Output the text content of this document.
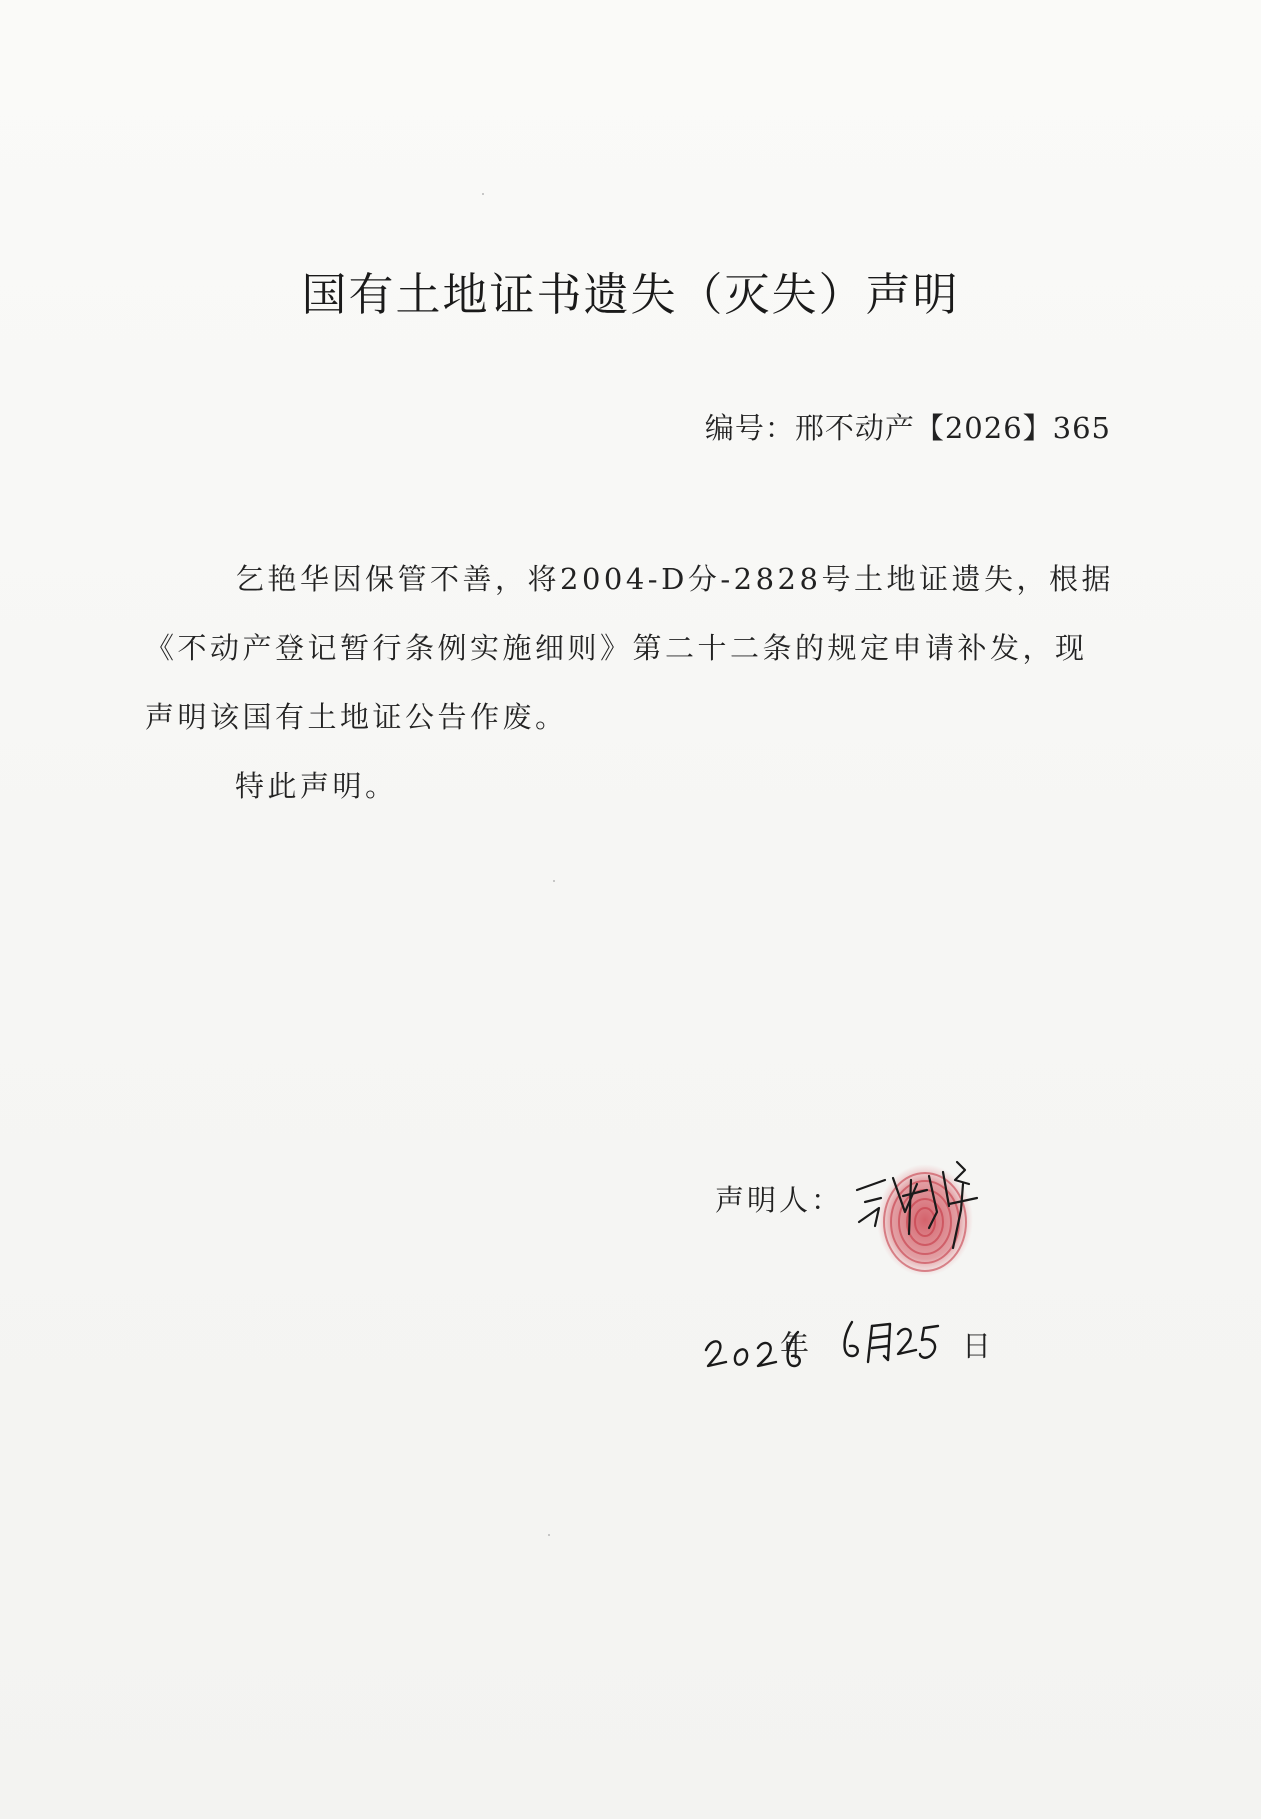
国有土地证书遗失（灭失）声明
编号：邢不动产【2026】365

乞艳华因保管不善，将2004-D分-2828号土地证遗失，根据《不动产登记暂行条例实施细则》第二十二条的规定申请补发，现声明该国有土地证公告作废。

特此声明。

声明人：
年	日
